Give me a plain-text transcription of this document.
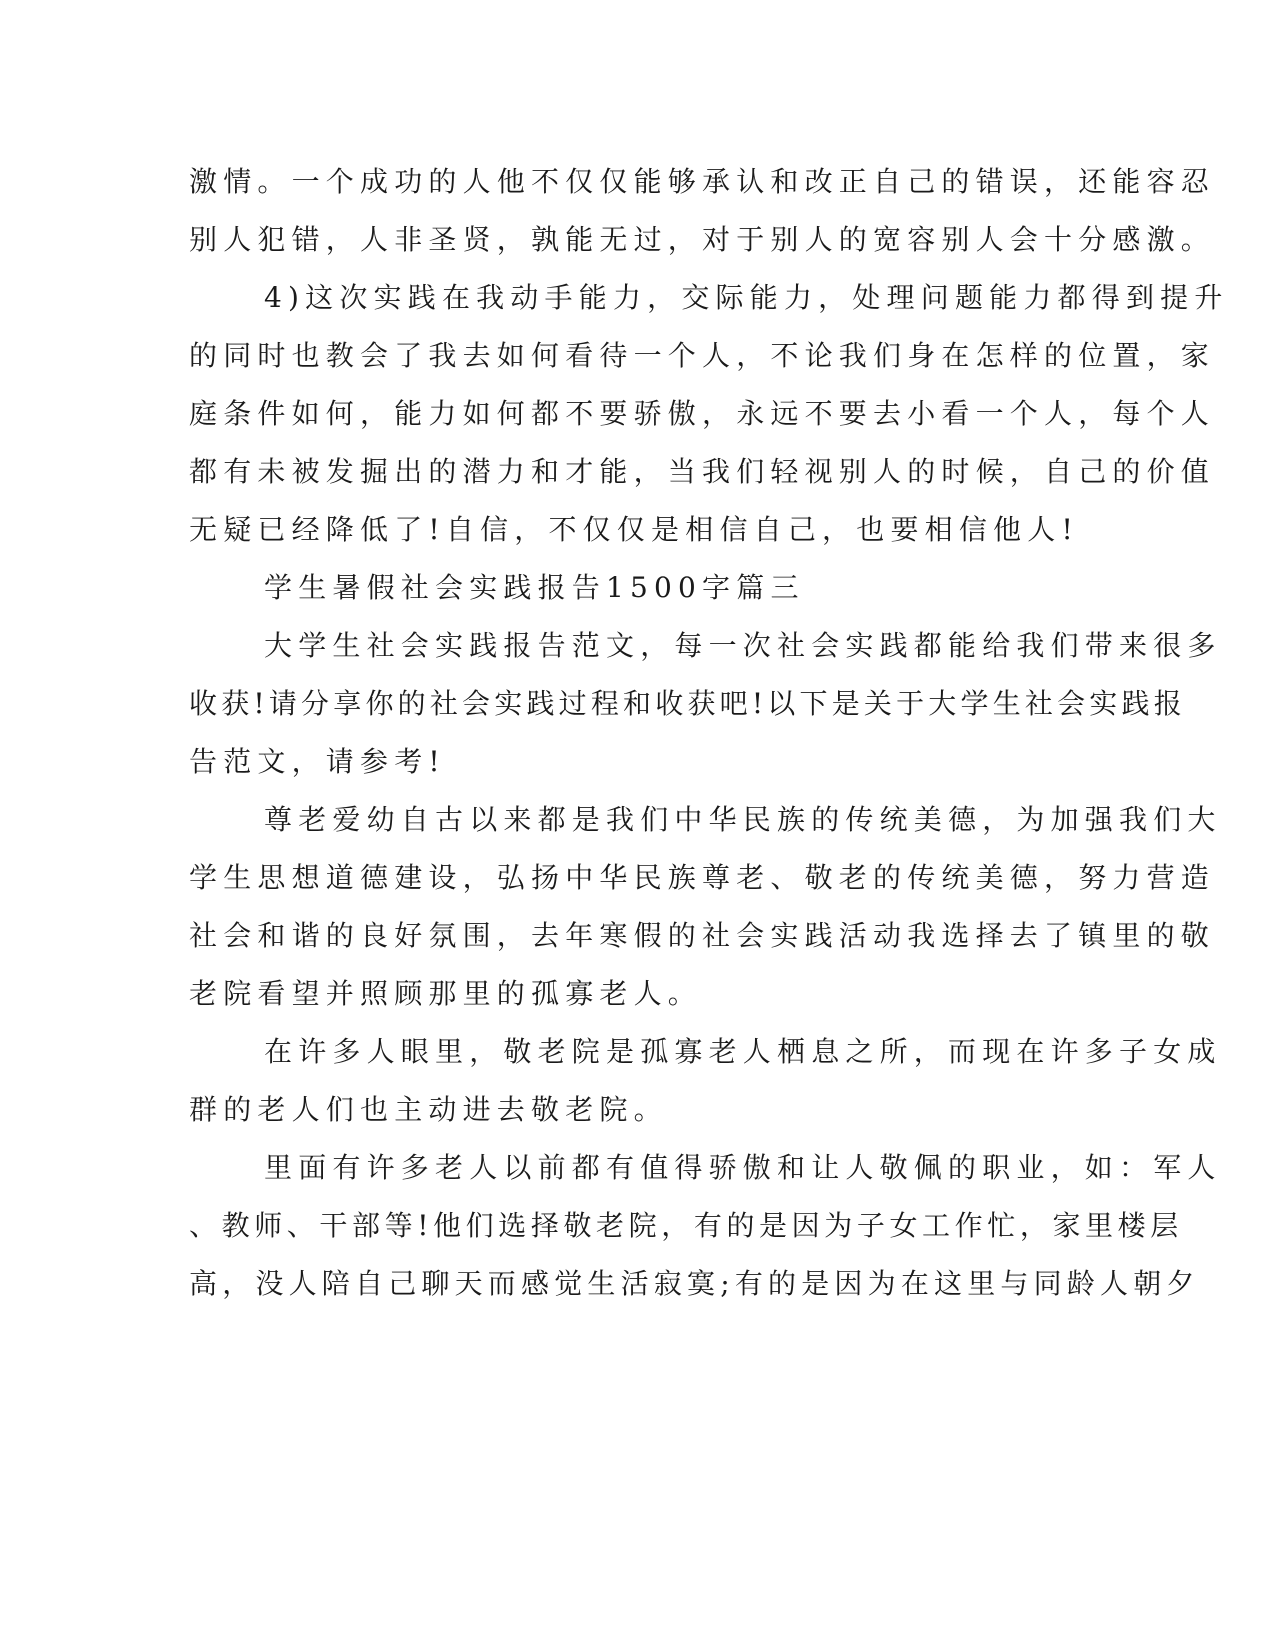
激情。一个成功的人他不仅仅能够承认和改正自己的错误，还能容忍
别人犯错，人非圣贤，孰能无过，对于别人的宽容别人会十分感激。
4)这次实践在我动手能力，交际能力，处理问题能力都得到提升
的同时也教会了我去如何看待一个人，不论我们身在怎样的位置，家
庭条件如何，能力如何都不要骄傲，永远不要去小看一个人，每个人
都有未被发掘出的潜力和才能，当我们轻视别人的时候，自己的价值
无疑已经降低了!自信，不仅仅是相信自己，也要相信他人!
学生暑假社会实践报告1500字篇三
大学生社会实践报告范文，每一次社会实践都能给我们带来很多
收获!请分享你的社会实践过程和收获吧!以下是关于大学生社会实践报
告范文，请参考!
尊老爱幼自古以来都是我们中华民族的传统美德，为加强我们大
学生思想道德建设，弘扬中华民族尊老、敬老的传统美德，努力营造
社会和谐的良好氛围，去年寒假的社会实践活动我选择去了镇里的敬
老院看望并照顾那里的孤寡老人。
在许多人眼里，敬老院是孤寡老人栖息之所，而现在许多子女成
群的老人们也主动进去敬老院。
里面有许多老人以前都有值得骄傲和让人敬佩的职业，如：军人
、教师、干部等!他们选择敬老院，有的是因为子女工作忙，家里楼层
高，没人陪自己聊天而感觉生活寂寞;有的是因为在这里与同龄人朝夕
